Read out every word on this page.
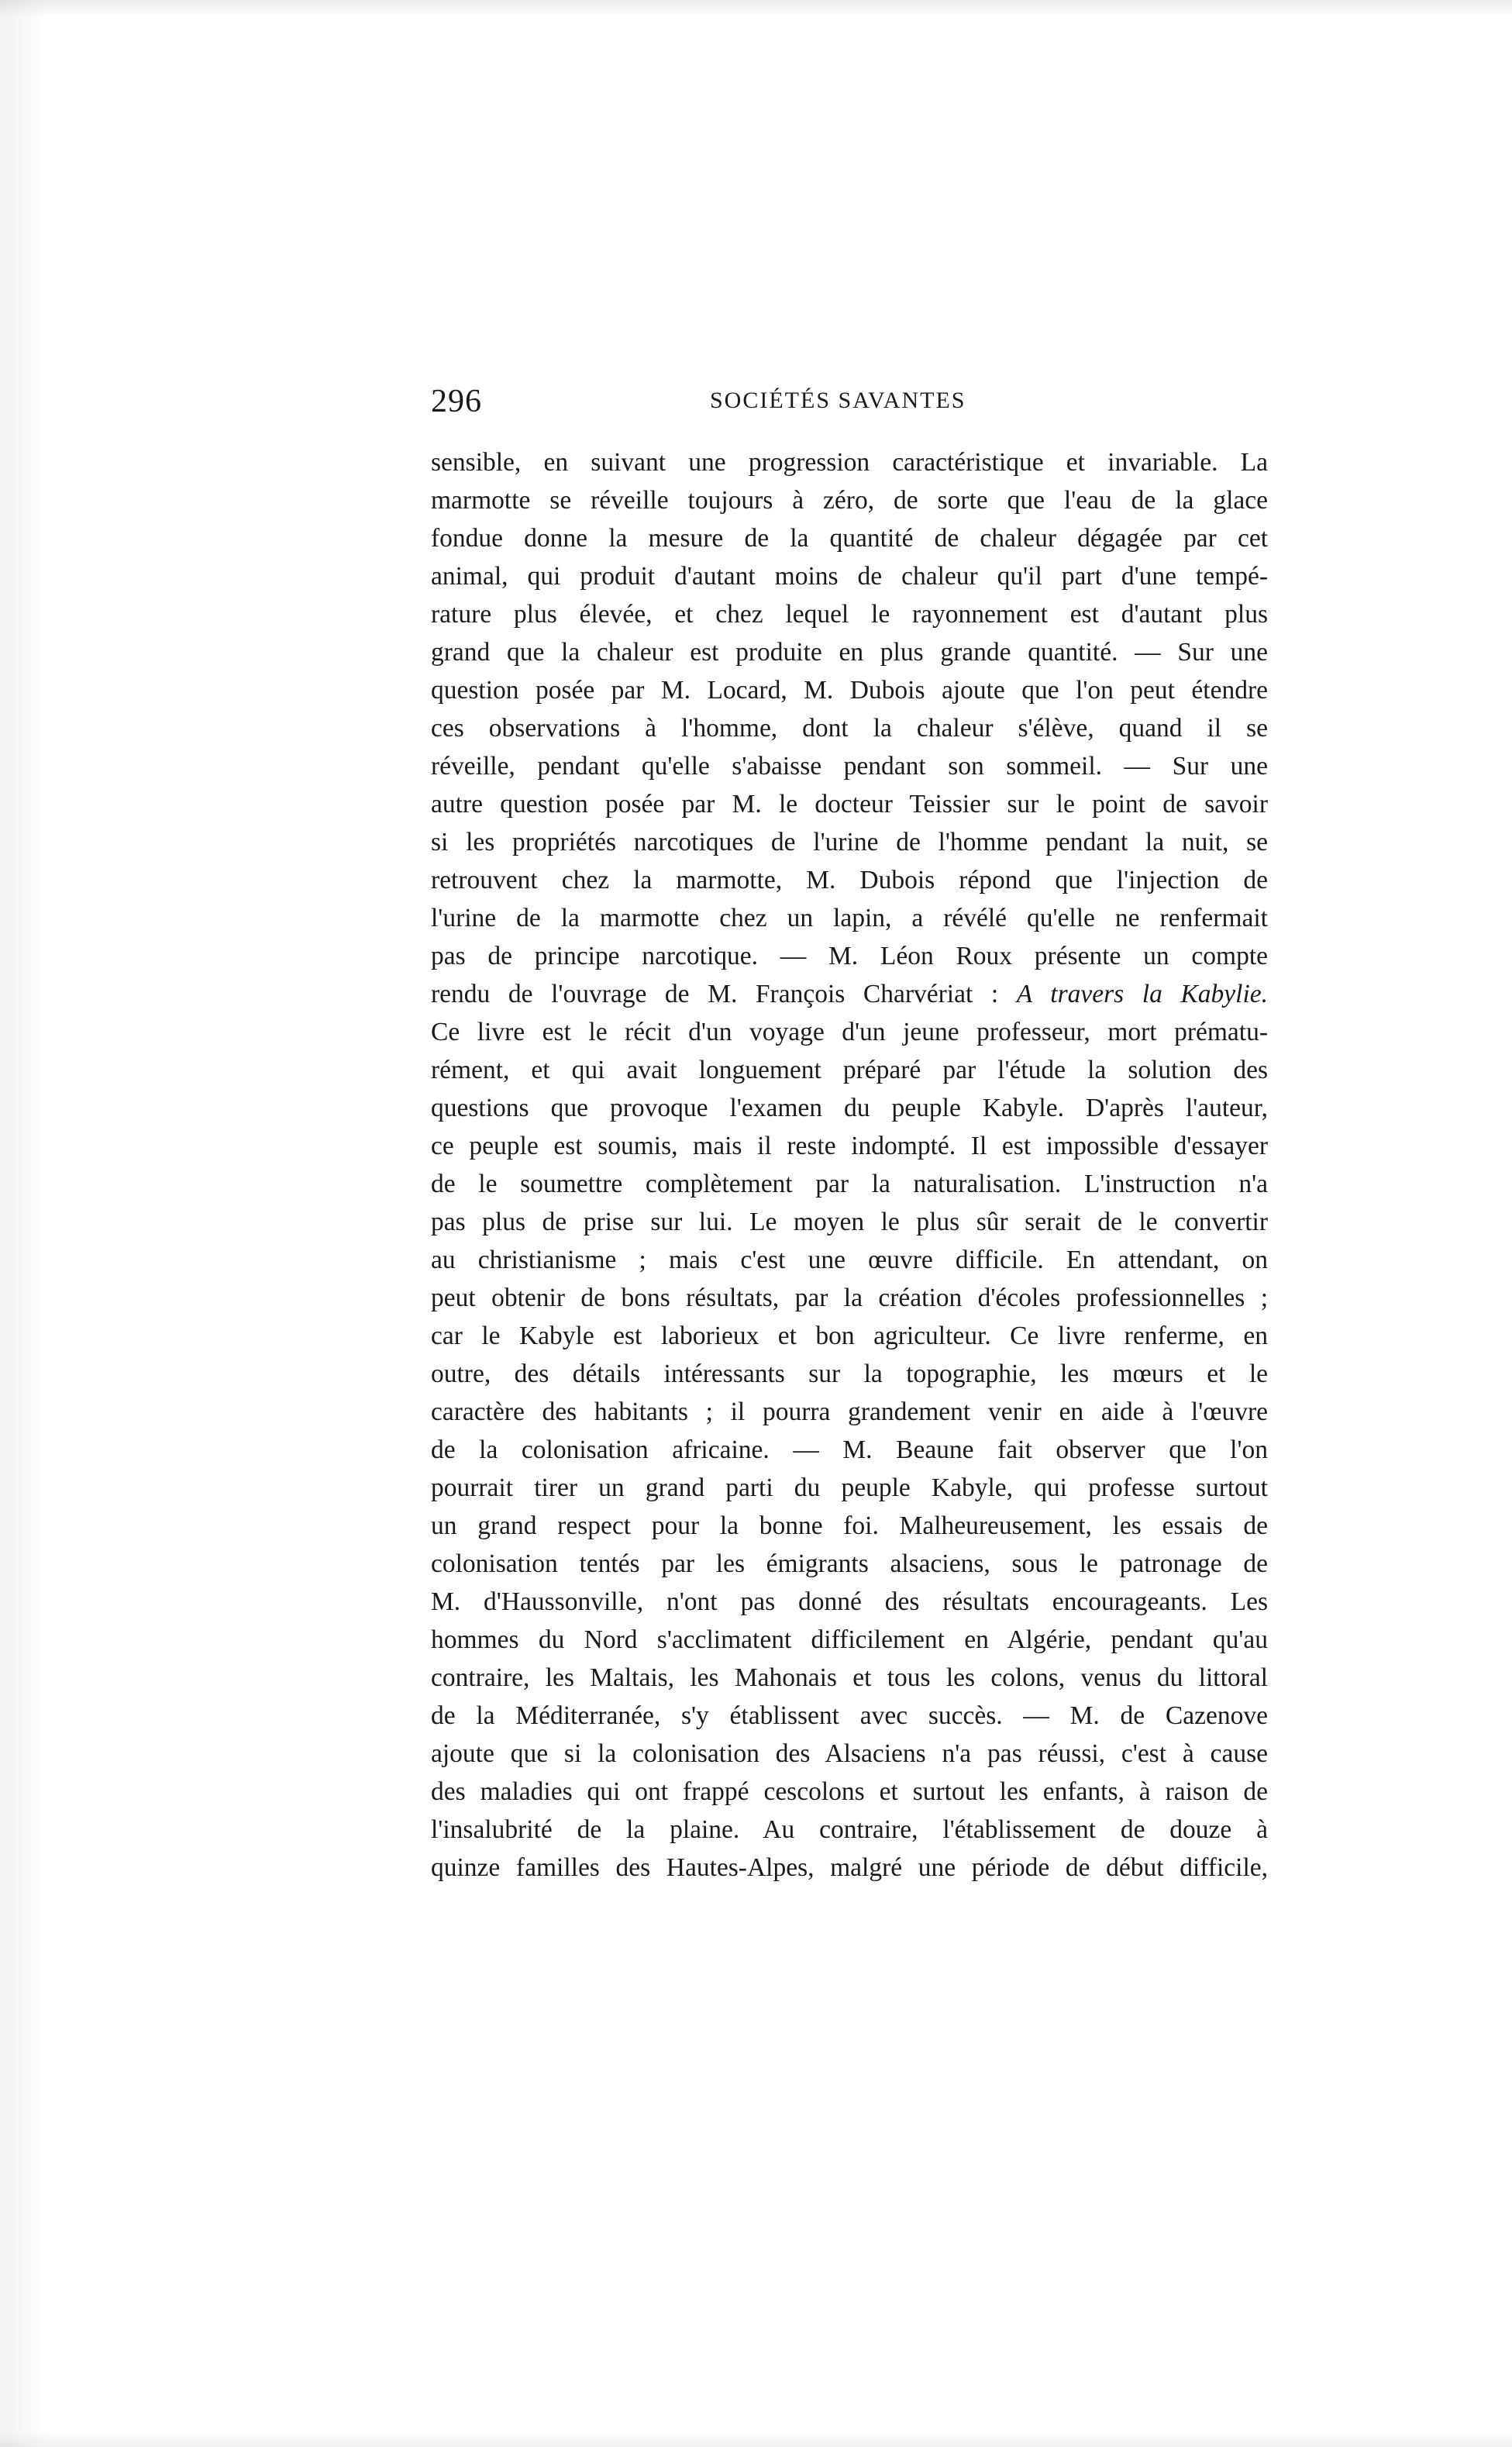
296	SOCIÉTÉS SAVANTES
sensible, en suivant une progression caractéristique et invariable. La
marmotte se réveille toujours à zéro, de sorte que l'eau de la glace
fondue donne la mesure de la quantité de chaleur dégagée par cet
animal, qui produit d'autant moins de chaleur qu'il part d'une tempé-
rature plus élevée, et chez lequel le rayonnement est d'autant plus
grand que la chaleur est produite en plus grande quantité. — Sur une
question posée par M. Locard, M. Dubois ajoute que l'on peut étendre
ces observations à l'homme, dont la chaleur s'élève, quand il se
réveille, pendant qu'elle s'abaisse pendant son sommeil. — Sur une
autre question posée par M. le docteur Teissier sur le point de savoir
si les propriétés narcotiques de l'urine de l'homme pendant la nuit, se
retrouvent chez la marmotte, M. Dubois répond que l'injection de
l'urine de la marmotte chez un lapin, a révélé qu'elle ne renfermait
pas de principe narcotique. — M. Léon Roux présente un compte
rendu de l'ouvrage de M. François Charvériat : A travers la Kabylie.
Ce livre est le récit d'un voyage d'un jeune professeur, mort prématu-
rément, et qui avait longuement préparé par l'étude la solution des
questions que provoque l'examen du peuple Kabyle. D'après l'auteur,
ce peuple est soumis, mais il reste indompté. Il est impossible d'essayer
de le soumettre complètement par la naturalisation. L'instruction n'a
pas plus de prise sur lui. Le moyen le plus sûr serait de le convertir
au christianisme ; mais c'est une œuvre difficile. En attendant, on
peut obtenir de bons résultats, par la création d'écoles professionnelles ;
car le Kabyle est laborieux et bon agriculteur. Ce livre renferme, en
outre, des détails intéressants sur la topographie, les mœurs et le
caractère des habitants ; il pourra grandement venir en aide à l'œuvre
de la colonisation africaine. — M. Beaune fait observer que l'on
pourrait tirer un grand parti du peuple Kabyle, qui professe surtout
un grand respect pour la bonne foi. Malheureusement, les essais de
colonisation tentés par les émigrants alsaciens, sous le patronage de
M. d'Haussonville, n'ont pas donné des résultats encourageants. Les
hommes du Nord s'acclimatent difficilement en Algérie, pendant qu'au
contraire, les Maltais, les Mahonais et tous les colons, venus du littoral
de la Méditerranée, s'y établissent avec succès. — M. de Cazenove
ajoute que si la colonisation des Alsaciens n'a pas réussi, c'est à cause
des maladies qui ont frappé cescolons et surtout les enfants, à raison de
l'insalubrité de la plaine. Au contraire, l'établissement de douze à
quinze familles des Hautes-Alpes, malgré une période de début difficile,
